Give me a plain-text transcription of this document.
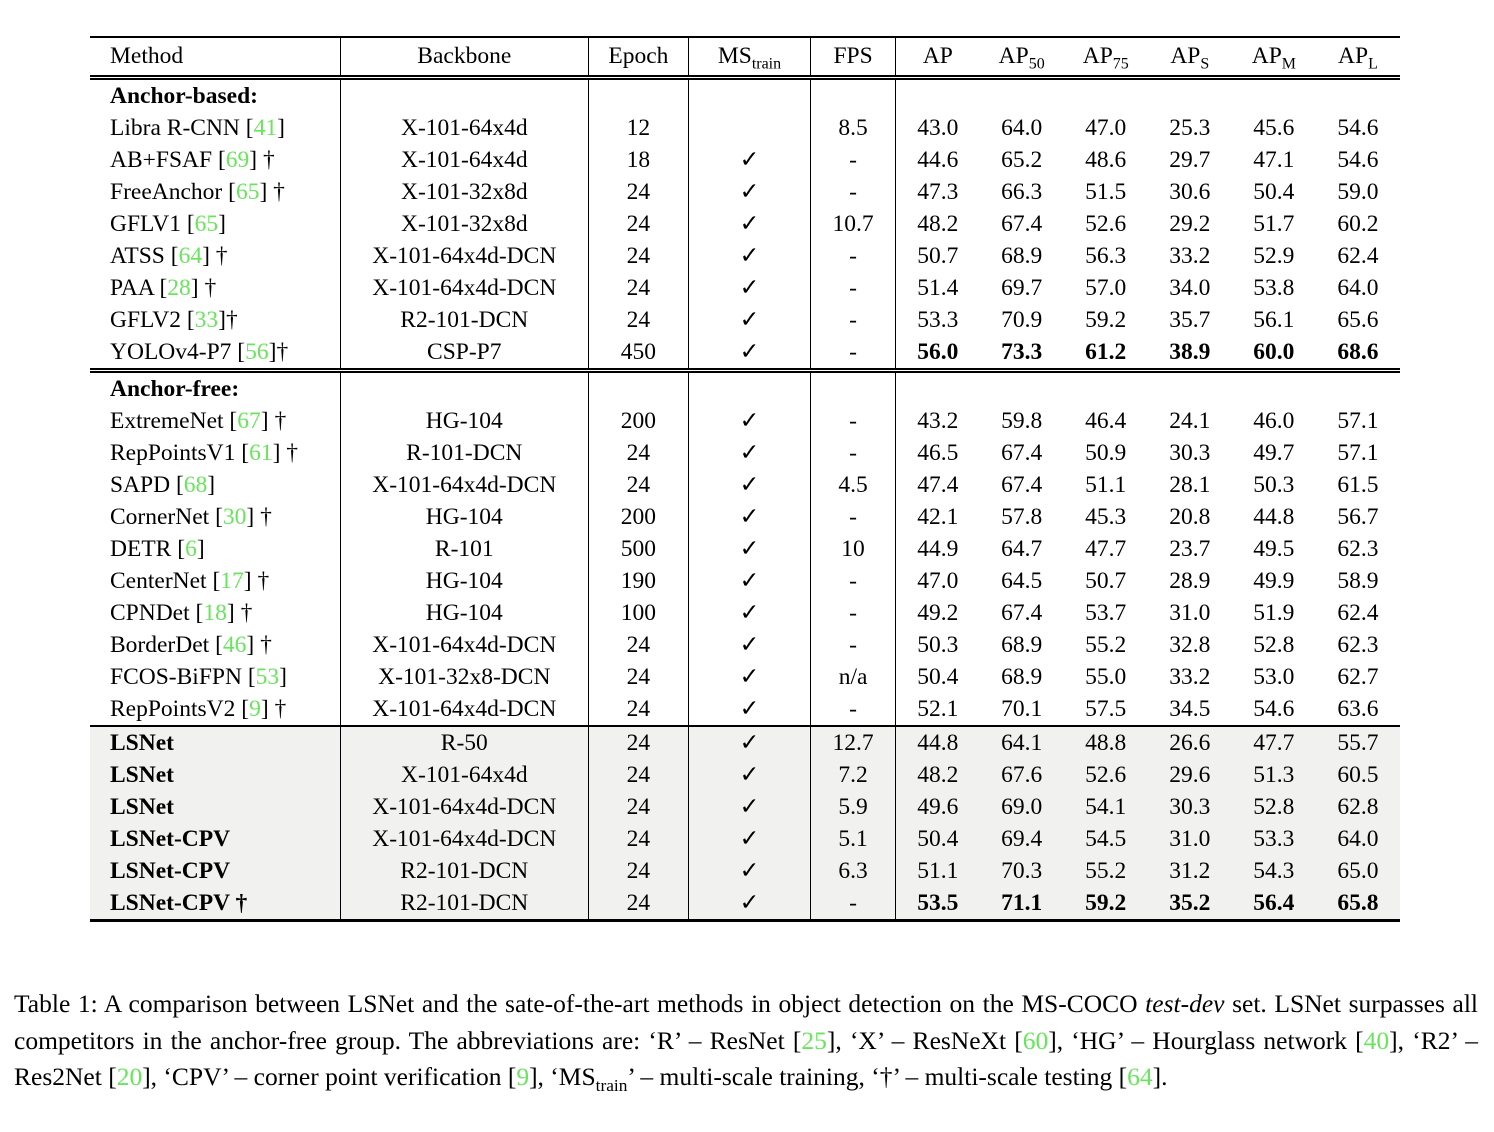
Method	Backbone	Epoch	$MS_{train}$	FPS	AP	$AP_{50}$	$AP_{75}$	$AP_S$	$AP_M$	$AP_L$
Anchor-based:										
Libra R-CNN [41]	X-101-64x4d	12		8.5	43.0	64.0	47.0	25.3	45.6	54.6
AB+FSAF [69] †	X-101-64x4d	18	✓	-	44.6	65.2	48.6	29.7	47.1	54.6
FreeAnchor [65] †	X-101-32x8d	24	✓	-	47.3	66.3	51.5	30.6	50.4	59.0
GFLV1 [65]	X-101-32x8d	24	✓	10.7	48.2	67.4	52.6	29.2	51.7	60.2
ATSS [64] †	X-101-64x4d-DCN	24	✓	-	50.7	68.9	56.3	33.2	52.9	62.4
PAA [28] †	X-101-64x4d-DCN	24	✓	-	51.4	69.7	57.0	34.0	53.8	64.0
GFLV2 [33]†	R2-101-DCN	24	✓	-	53.3	70.9	59.2	35.7	56.1	65.6
YOLOv4-P7 [56]†	CSP-P7	450	✓	-	56.0	73.3	61.2	38.9	60.0	68.6
Anchor-free:										
ExtremeNet [67] †	HG-104	200	✓	-	43.2	59.8	46.4	24.1	46.0	57.1
RepPointsV1 [61] †	R-101-DCN	24	✓	-	46.5	67.4	50.9	30.3	49.7	57.1
SAPD [68]	X-101-64x4d-DCN	24	✓	4.5	47.4	67.4	51.1	28.1	50.3	61.5
CornerNet [30] †	HG-104	200	✓	-	42.1	57.8	45.3	20.8	44.8	56.7
DETR [6]	R-101	500	✓	10	44.9	64.7	47.7	23.7	49.5	62.3
CenterNet [17] †	HG-104	190	✓	-	47.0	64.5	50.7	28.9	49.9	58.9
CPNDet [18] †	HG-104	100	✓	-	49.2	67.4	53.7	31.0	51.9	62.4
BorderDet [46] †	X-101-64x4d-DCN	24	✓	-	50.3	68.9	55.2	32.8	52.8	62.3
FCOS-BiFPN [53]	X-101-32x8-DCN	24	✓	n/a	50.4	68.9	55.0	33.2	53.0	62.7
RepPointsV2 [9] †	X-101-64x4d-DCN	24	✓	-	52.1	70.1	57.5	34.5	54.6	63.6
LSNet	R-50	24	✓	12.7	44.8	64.1	48.8	26.6	47.7	55.7
LSNet	X-101-64x4d	24	✓	7.2	48.2	67.6	52.6	29.6	51.3	60.5
LSNet	X-101-64x4d-DCN	24	✓	5.9	49.6	69.0	54.1	30.3	52.8	62.8
LSNet-CPV	X-101-64x4d-DCN	24	✓	5.1	50.4	69.4	54.5	31.0	53.3	64.0
LSNet-CPV	R2-101-DCN	24	✓	6.3	51.1	70.3	55.2	31.2	54.3	65.0
LSNet-CPV †	R2-101-DCN	24	✓	-	53.5	71.1	59.2	35.2	56.4	65.8

Table 1: A comparison between LSNet and the sate-of-the-art methods in object detection on the MS-COCO test-dev set. LSNet surpasses all competitors in the anchor-free group. The abbreviations are: ‘R’ – ResNet [25], ‘X’ – ResNeXt [60], ‘HG’ – Hourglass network [40], ‘R2’ – Res2Net [20], ‘CPV’ – corner point verification [9], ‘$MS_{train}$’ – multi-scale training, ‘†’ – multi-scale testing [64].
